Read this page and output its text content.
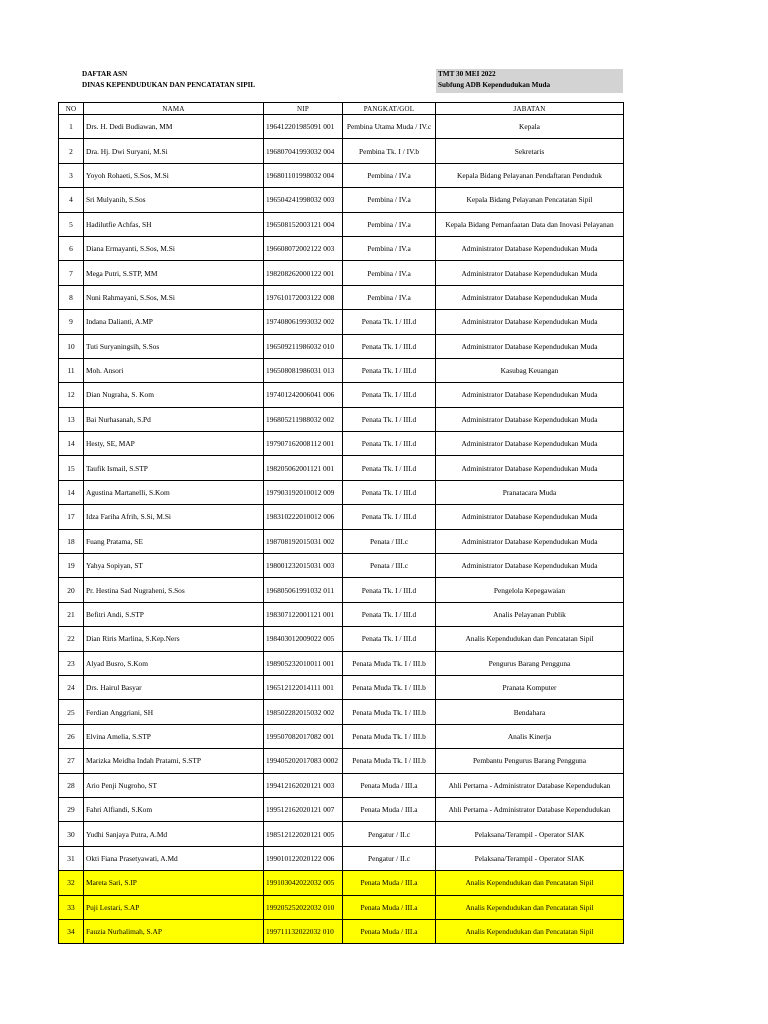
DAFTAR ASN
DINAS KEPENDUDUKAN DAN PENCATATAN SIPIL
TMT 30 MEI 2022
Subfung ADB Kependudukan Muda
NO	NAMA	NIP	PANGKAT/GOL	JABATAN
1	Drs. H. Dedi Budiawan, MM	196412201985091 001	Pembina Utama Muda / IV.c	Kepala
2	Dra. Hj. Dwi Suryani, M.Si	196807041993032 004	Pembina Tk. I / IV.b	Sekretaris
3	Yoyoh Rohaeti, S.Sos, M.Si	196801101998032 004	Pembina / IV.a	Kepala Bidang Pelayanan Pendaftaran Penduduk
4	Sri Mulyanih, S.Sos	196504241998032 003	Pembina / IV.a	Kepala Bidang Pelayanan Pencatatan Sipil
5	Hadilutfie Achfas, SH	196508152003121 004	Pembina / IV.a	Kepala Bidang Pemanfaatan Data dan Inovasi Pelayanan
6	Diana Ermayanti, S.Sos, M.Si	196608072002122 003	Pembina / IV.a	Administrator Database Kependudukan Muda
7	Mega Putri, S.STP, MM	198208262000122 001	Pembina / IV.a	Administrator Database Kependudukan Muda
8	Nuni Rahmayani, S.Sos, M.Si	197610172003122 008	Pembina / IV.a	Administrator Database Kependudukan Muda
9	Indana Dalianti, A.MP	197408061993032 002	Penata Tk. I / III.d	Administrator Database Kependudukan Muda
10	Tuti Suryaningsih, S.Sos	196509211986032 010	Penata Tk. I / III.d	Administrator Database Kependudukan Muda
11	Moh. Ansori	196508081986031 013	Penata Tk. I / III.d	Kasubag Keuangan
12	Dian Nugraha, S. Kom	197401242006041 006	Penata Tk. I / III.d	Administrator Database Kependudukan Muda
13	Bai Nurhasanah, S.Pd	196805211988032 002	Penata Tk. I / III.d	Administrator Database Kependudukan Muda
14	Hesty, SE, MAP	197907162008112 001	Penata Tk. I / III.d	Administrator Database Kependudukan Muda
15	Taufik Ismail, S.STP	198205062001121 001	Penata Tk. I / III.d	Administrator Database Kependudukan Muda
14	Agustina Martanelli, S.Kom	197903192010012 009	Penata Tk. I / III.d	Pranatacara Muda
17	Idza Fariha Afrih, S.Si, M.Si	198310222010012 006	Penata Tk. I / III.d	Administrator Database Kependudukan Muda
18	Fuang Pratama, SE	198708192015031 002	Penata / III.c	Administrator Database Kependudukan Muda
19	Yahya Sopiyan, ST	198001232015031 003	Penata / III.c	Administrator Database Kependudukan Muda
20	Pr. Hestina Sad Nugraheni, S.Sos	196805061991032 011	Penata Tk. I / III.d	Pengelola Kepegawaian
21	Befitri Andi, S.STP	198307122001121 001	Penata Tk. I / III.d	Analis Pelayanan Publik
22	Dian Riris Marlina, S.Kep.Ners	198403012009022 005	Penata Tk. I / III.d	Analis Kependudukan dan Pencatatan Sipil
23	Alyad Busro, S.Kom	198905232010011 001	Penata Muda Tk. I / III.b	Pengurus Barang Pengguna
24	Drs. Hairul Basyar	196512122014111 001	Penata Muda Tk. I / III.b	Pranata Komputer
25	Ferdian Anggriani, SH	198502282015032 002	Penata Muda Tk. I / III.b	Bendahara
26	Elvina Amelia, S.STP	199507082017082 001	Penata Muda Tk. I / III.b	Analis Kinerja
27	Marizka Meidha Indah Pratami, S.STP	199405202017083 0002	Penata Muda Tk. I / III.b	Pembantu Pengurus Barang Pengguna
28	Ario Penji Nugroho, ST	199412162020121 003	Penata Muda / III.a	Ahli Pertama - Administrator Database Kependudukan
29	Fahri Alfiandi, S.Kom	199512162020121 007	Penata Muda / III.a	Ahli Pertama - Administrator Database Kependudukan
30	Yudhi Sanjaya Putra, A.Md	198512122020121 005	Pengatur / II.c	Pelaksana/Terampil - Operator SIAK
31	Okti Fiana Prasetyawati, A.Md	199010122020122 006	Pengatur / II.c	Pelaksana/Terampil - Operator SIAK
32	Mareta Sari, S.IP	199103042022032 005	Penata Muda / III.a	Analis Kependudukan dan Pencatatan Sipil
33	Puji Lestari, S.AP	199205252022032 010	Penata Muda / III.a	Analis Kependudukan dan Pencatatan Sipil
34	Fauzia Nurhalimah, S.AP	199711132022032 010	Penata Muda / III.a	Analis Kependudukan dan Pencatatan Sipil
